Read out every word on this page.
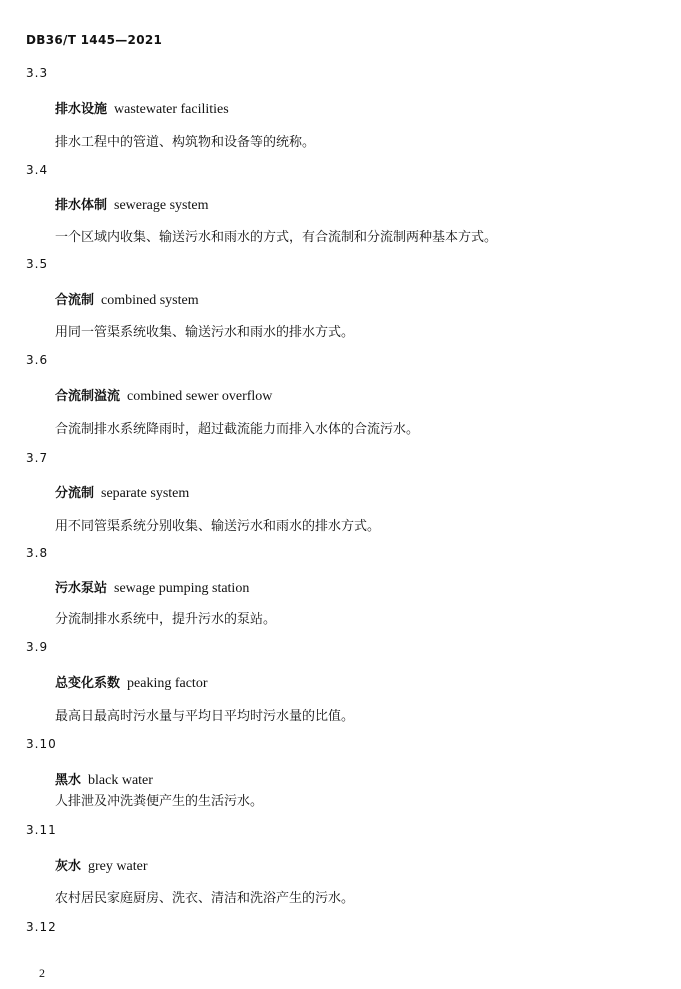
DB36/T 1445—2021
3.3
排水设施 wastewater facilities
排水工程中的管道、构筑物和设备等的统称。
3.4
排水体制 sewerage system
一个区域内收集、输送污水和雨水的方式，有合流制和分流制两种基本方式。
3.5
合流制 combined system
用同一管渠系统收集、输送污水和雨水的排水方式。
3.6
合流制溢流 combined sewer overflow
合流制排水系统降雨时，超过截流能力而排入水体的合流污水。
3.7
分流制 separate system
用不同管渠系统分别收集、输送污水和雨水的排水方式。
3.8
污水泵站 sewage pumping station
分流制排水系统中，提升污水的泵站。
3.9
总变化系数 peaking factor
最高日最高时污水量与平均日平均时污水量的比值。
3.10
黑水 black water
人排泄及冲洗粪便产生的生活污水。
3.11
灰水 grey water
农村居民家庭厨房、洗衣、清洁和洗浴产生的污水。
3.12
2
